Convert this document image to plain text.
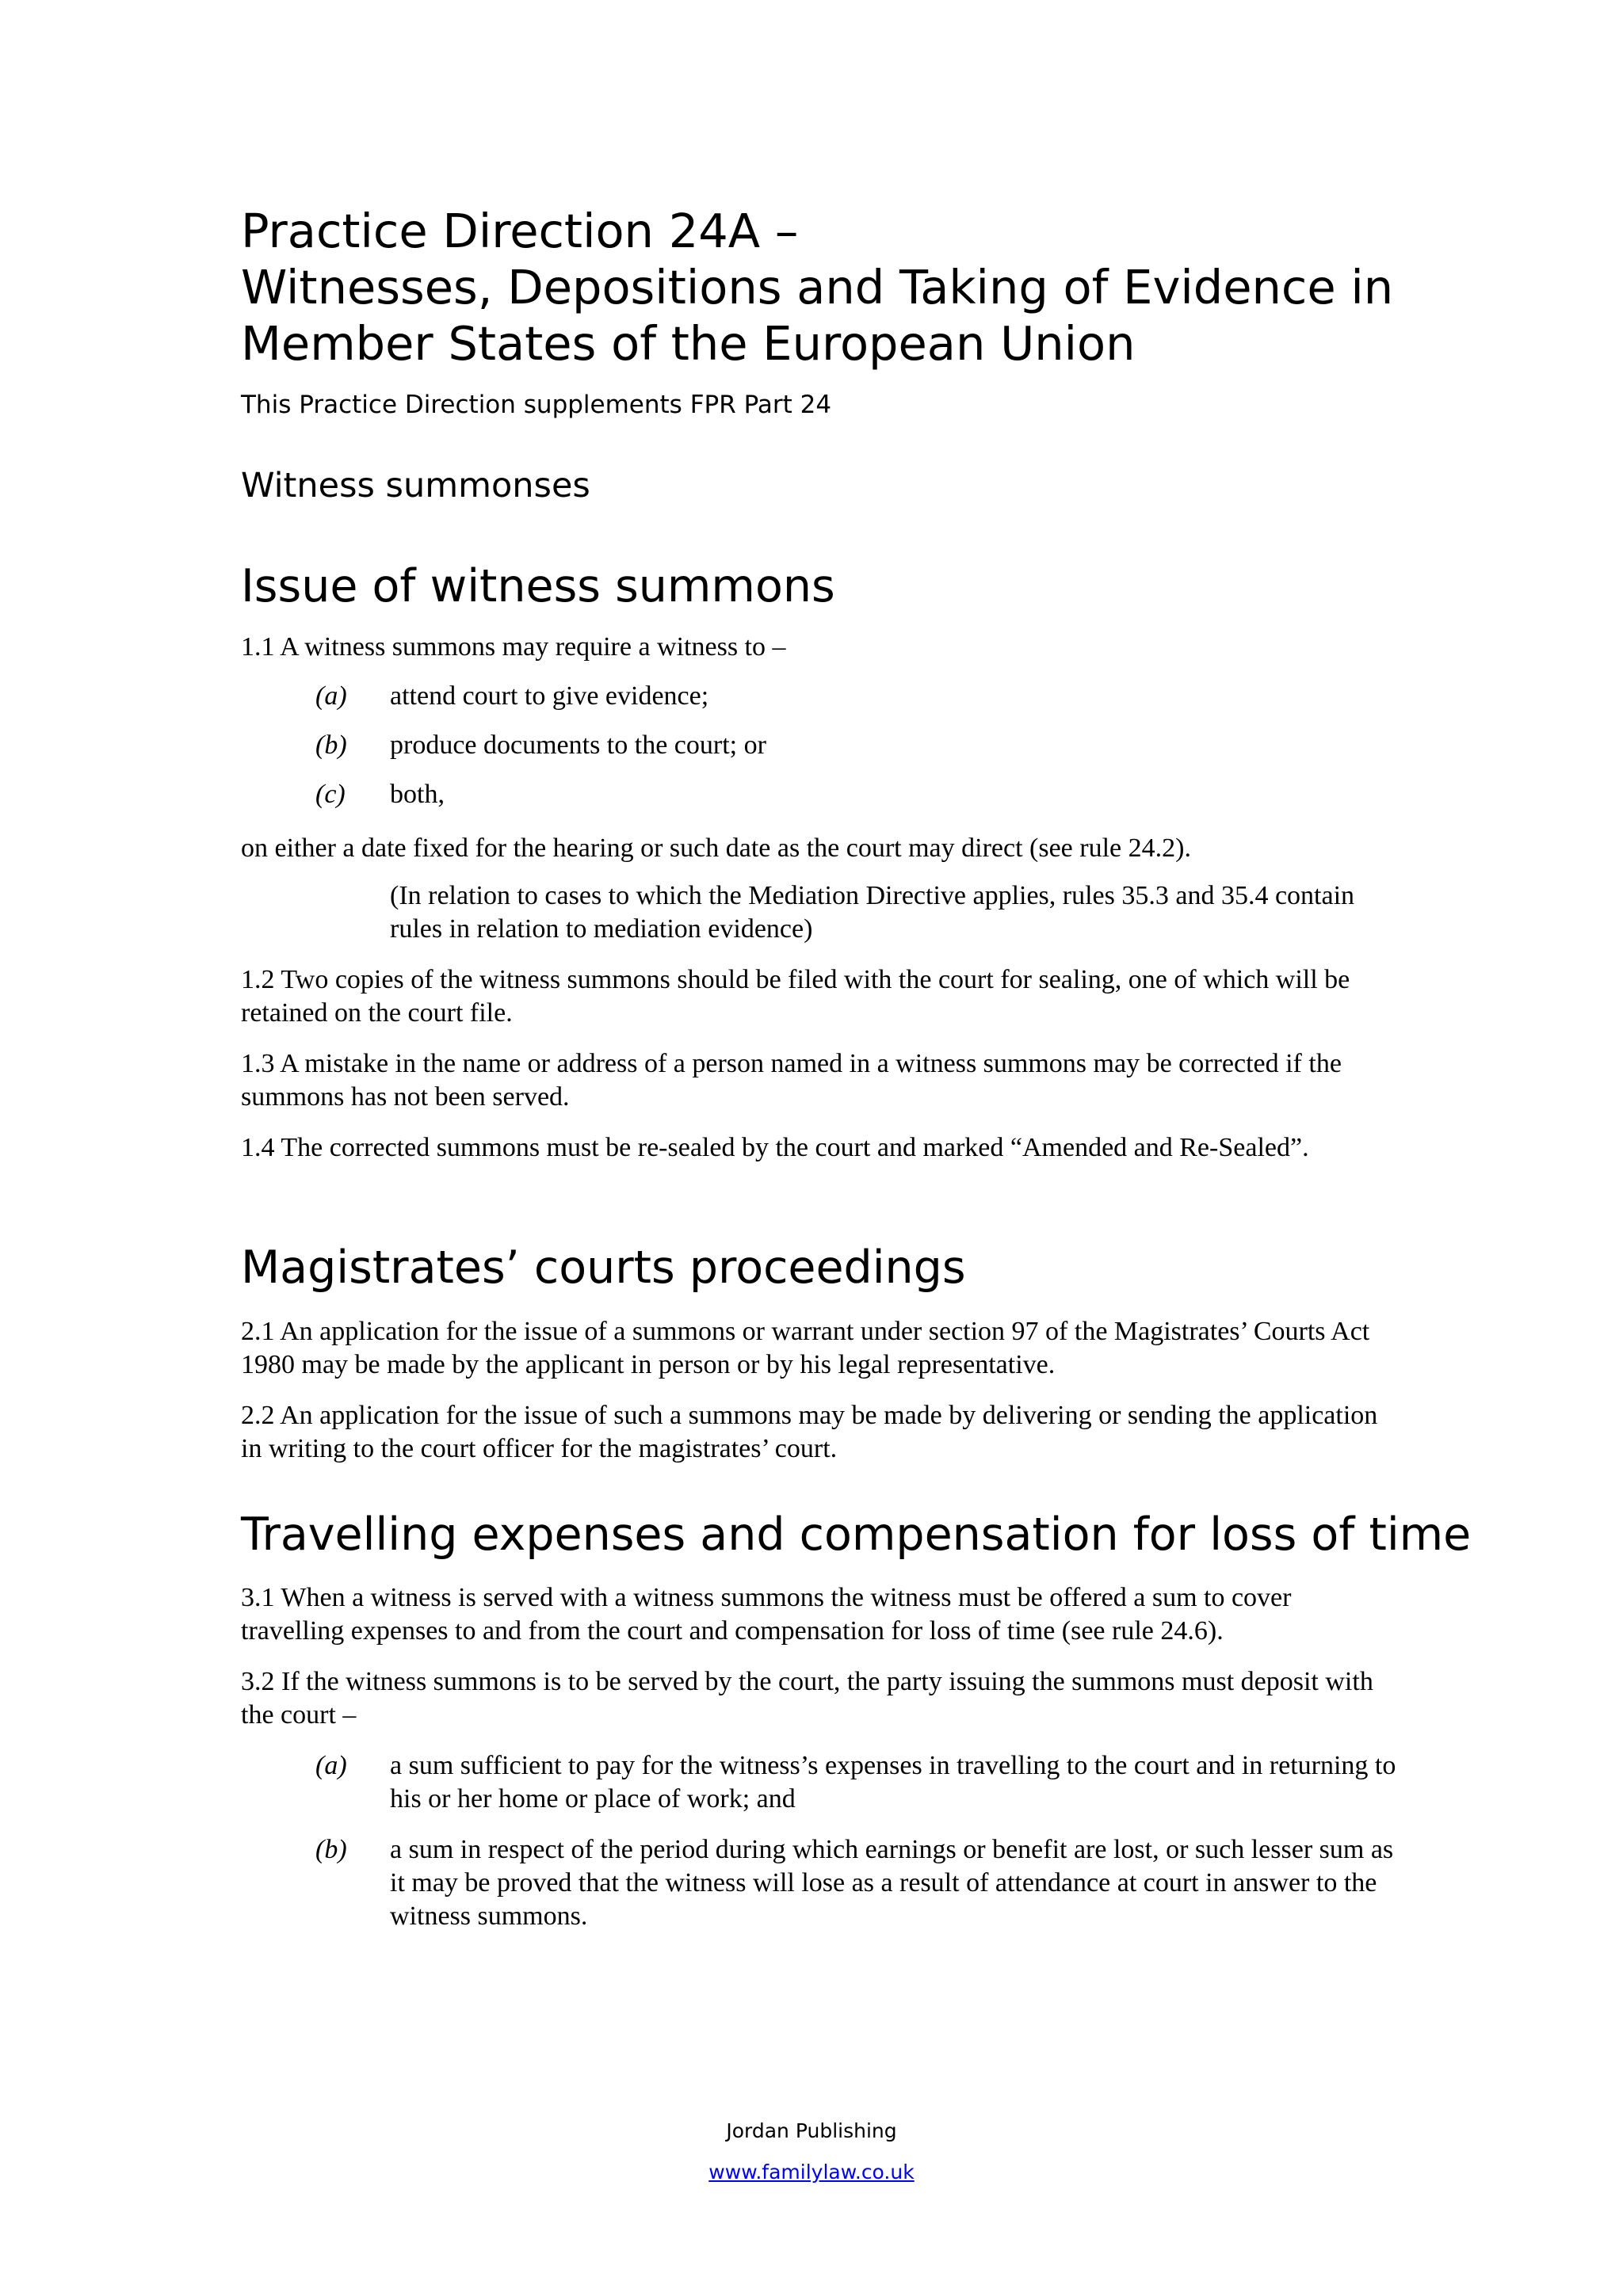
Practice Direction 24A –
Witnesses, Depositions and Taking of Evidence in
Member States of the European Union
This Practice Direction supplements FPR Part 24
Witness summonses
Issue of witness summons

1.1 A witness summons may require a witness to –

(a) attend court to give evidence;
(b) produce documents to the court; or
(c) both,

on either a date fixed for the hearing or such date as the court may direct (see rule 24.2).

(In relation to cases to which the Mediation Directive applies, rules 35.3 and 35.4 contain rules in relation to mediation evidence)

1.2 Two copies of the witness summons should be filed with the court for sealing, one of which will be retained on the court file.

1.3 A mistake in the name or address of a person named in a witness summons may be corrected if the summons has not been served.

1.4 The corrected summons must be re-sealed by the court and marked “Amended and Re-Sealed”.

Magistrates’ courts proceedings

2.1 An application for the issue of a summons or warrant under section 97 of the Magistrates’ Courts Act 1980 may be made by the applicant in person or by his legal representative.

2.2 An application for the issue of such a summons may be made by delivering or sending the application in writing to the court officer for the magistrates’ court.

Travelling expenses and compensation for loss of time

3.1 When a witness is served with a witness summons the witness must be offered a sum to cover travelling expenses to and from the court and compensation for loss of time (see rule 24.6).

3.2 If the witness summons is to be served by the court, the party issuing the summons must deposit with the court –

(a) a sum sufficient to pay for the witness’s expenses in travelling to the court and in returning to his or her home or place of work; and
(b) a sum in respect of the period during which earnings or benefit are lost, or such lesser sum as it may be proved that the witness will lose as a result of attendance at court in answer to the witness summons.
Jordan Publishing
www.familylaw.co.uk
